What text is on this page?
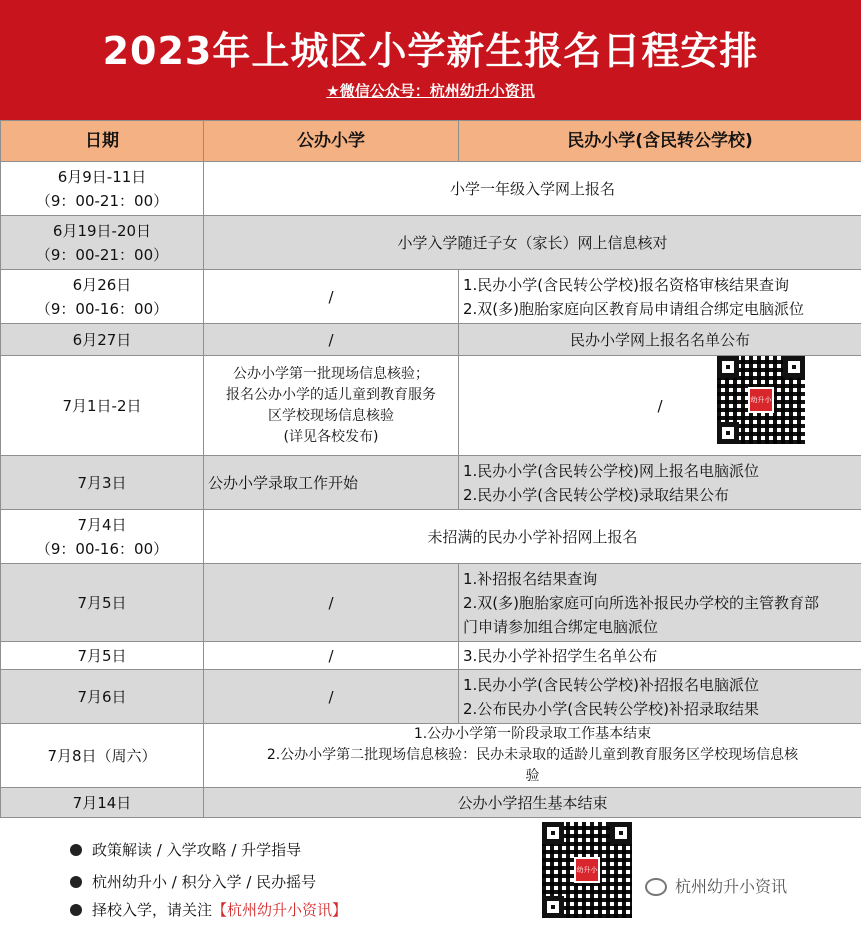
2023年上城区小学新生报名日程安排
★微信公众号：杭州幼升小资讯
日期	公办小学	民办小学(含民转公学校)

6月9日-11日
（9：00-21：00）	小学一年级入学网上报名	

6月19日-20日
（9：00-21：00）	小学入学随迁子女（家长）网上信息核对	

6月26日
（9：00-16：00）	/	1.民办小学(含民转公学校)报名资格审核结果查询
2.双(多)胞胎家庭向区教育局申请组合绑定电脑派位

6月27日	/	民办小学网上报名名单公布
7月1日-2日	公办小学第一批现场信息核验；
报名公办小学的适儿童到教育服务
区学校现场信息核验
(详见各校发布)	/ 幼升小

7月3日	公办小学录取工作开始	1.民办小学(含民转公学校)网上报名电脑派位
2.民办小学(含民转公学校)录取结果公布

7月4日
（9：00-16：00）	未招满的民办小学补招网上报名	
7月5日	/	1.补招报名结果查询
2.双(多)胞胎家庭可向所选补报民办学校的主管教育部
门申请参加组合绑定电脑派位

7月5日	/	3.民办小学补招学生名单公布
7月6日	/	1.民办小学(含民转公学校)补招报名电脑派位
2.公布民办小学(含民转公学校)补招录取结果

7月8日（周六）	1.公办小学第一阶段录取工作基本结束
2.公办小学第二批现场信息核验：民办未录取的适龄儿童到教育服务区学校现场信息核
验	

7月14日	公办小学招生基本结束	
政策解读 / 入学攻略 / 升学指导
杭州幼升小 / 积分入学 / 民办摇号
择校入学，请关注【杭州幼升小资讯】
幼升小
杭州幼升小资讯
